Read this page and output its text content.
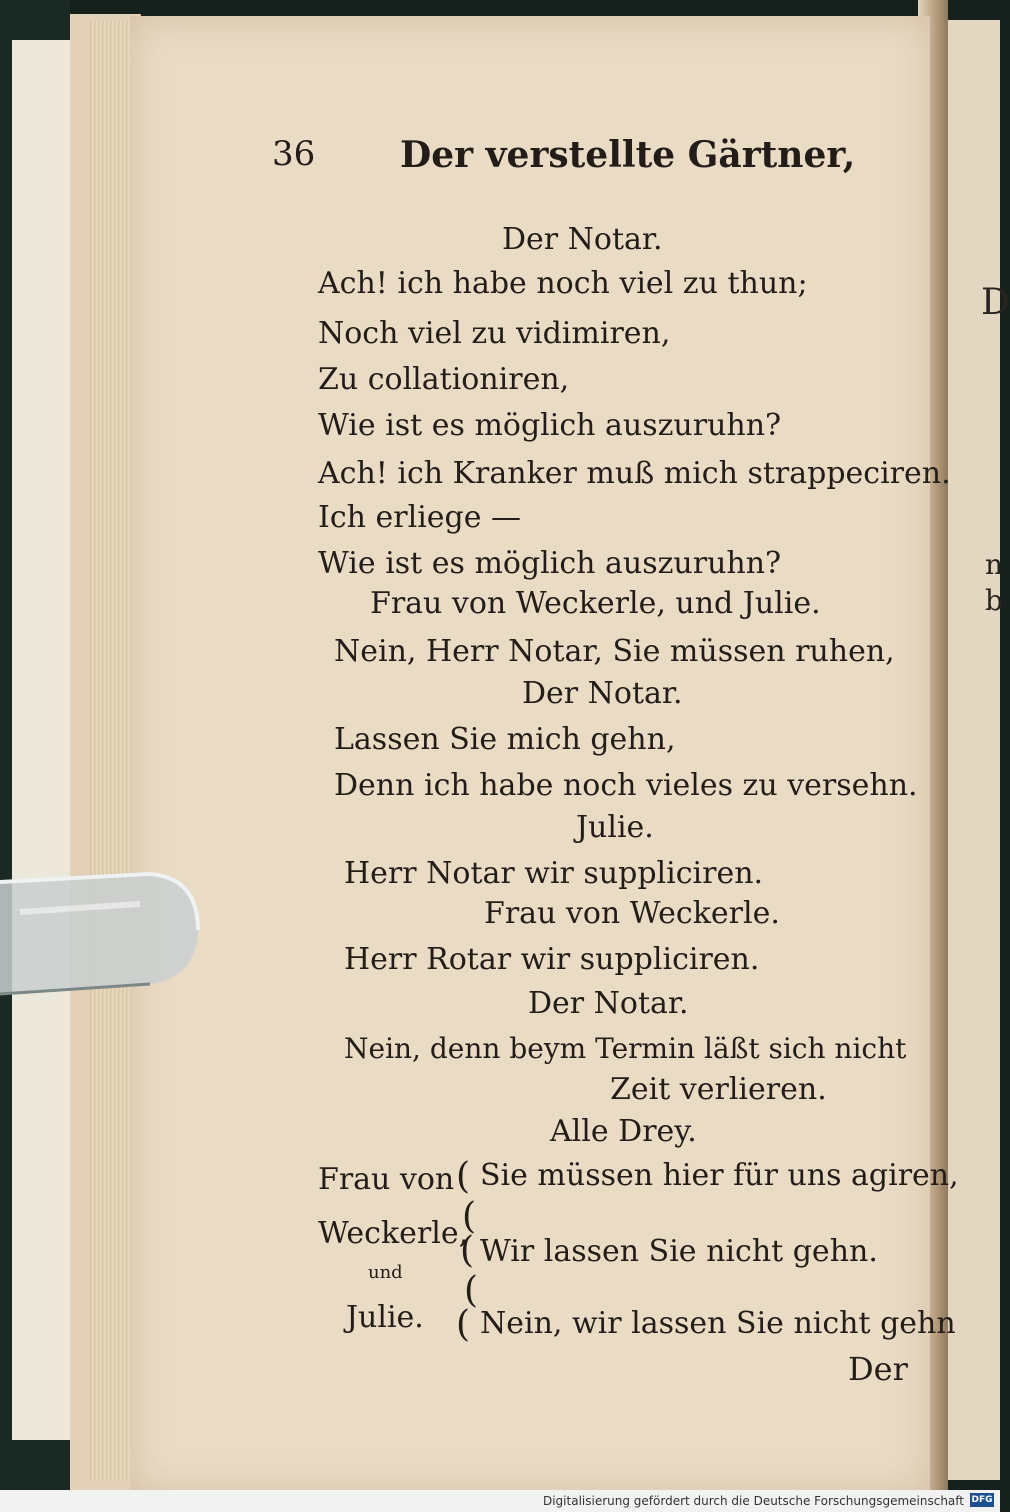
D
n
b
36 Der verstellte Gärtner,
Der Notar.
Ach! ich habe noch viel zu thun;
Noch viel zu vidimiren,
Zu collationiren,
Wie ist es möglich auszuruhn?
Ach! ich Kranker muß mich strappeciren.
Ich erliege —
Wie ist es möglich auszuruhn?
Frau von Weckerle, und Julie.
Nein, Herr Notar, Sie müssen ruhen,
Der Notar.
Lassen Sie mich gehn,
Denn ich habe noch vieles zu versehn.
Julie.
Herr Notar wir suppliciren.
Frau von Weckerle.
Herr Rotar wir suppliciren.
Der Notar.
Nein, denn beym Termin läßt sich nicht
Zeit verlieren.
Alle Drey.
Frau von
Weckerle,
und
Julie.
(
(
(
(
(
Sie müssen hier für uns agiren,
Wir lassen Sie nicht gehn.
Nein, wir lassen Sie nicht gehn
Der
Digitalisierung gefördert durch die Deutsche Forschungsgemeinschaft DFG
